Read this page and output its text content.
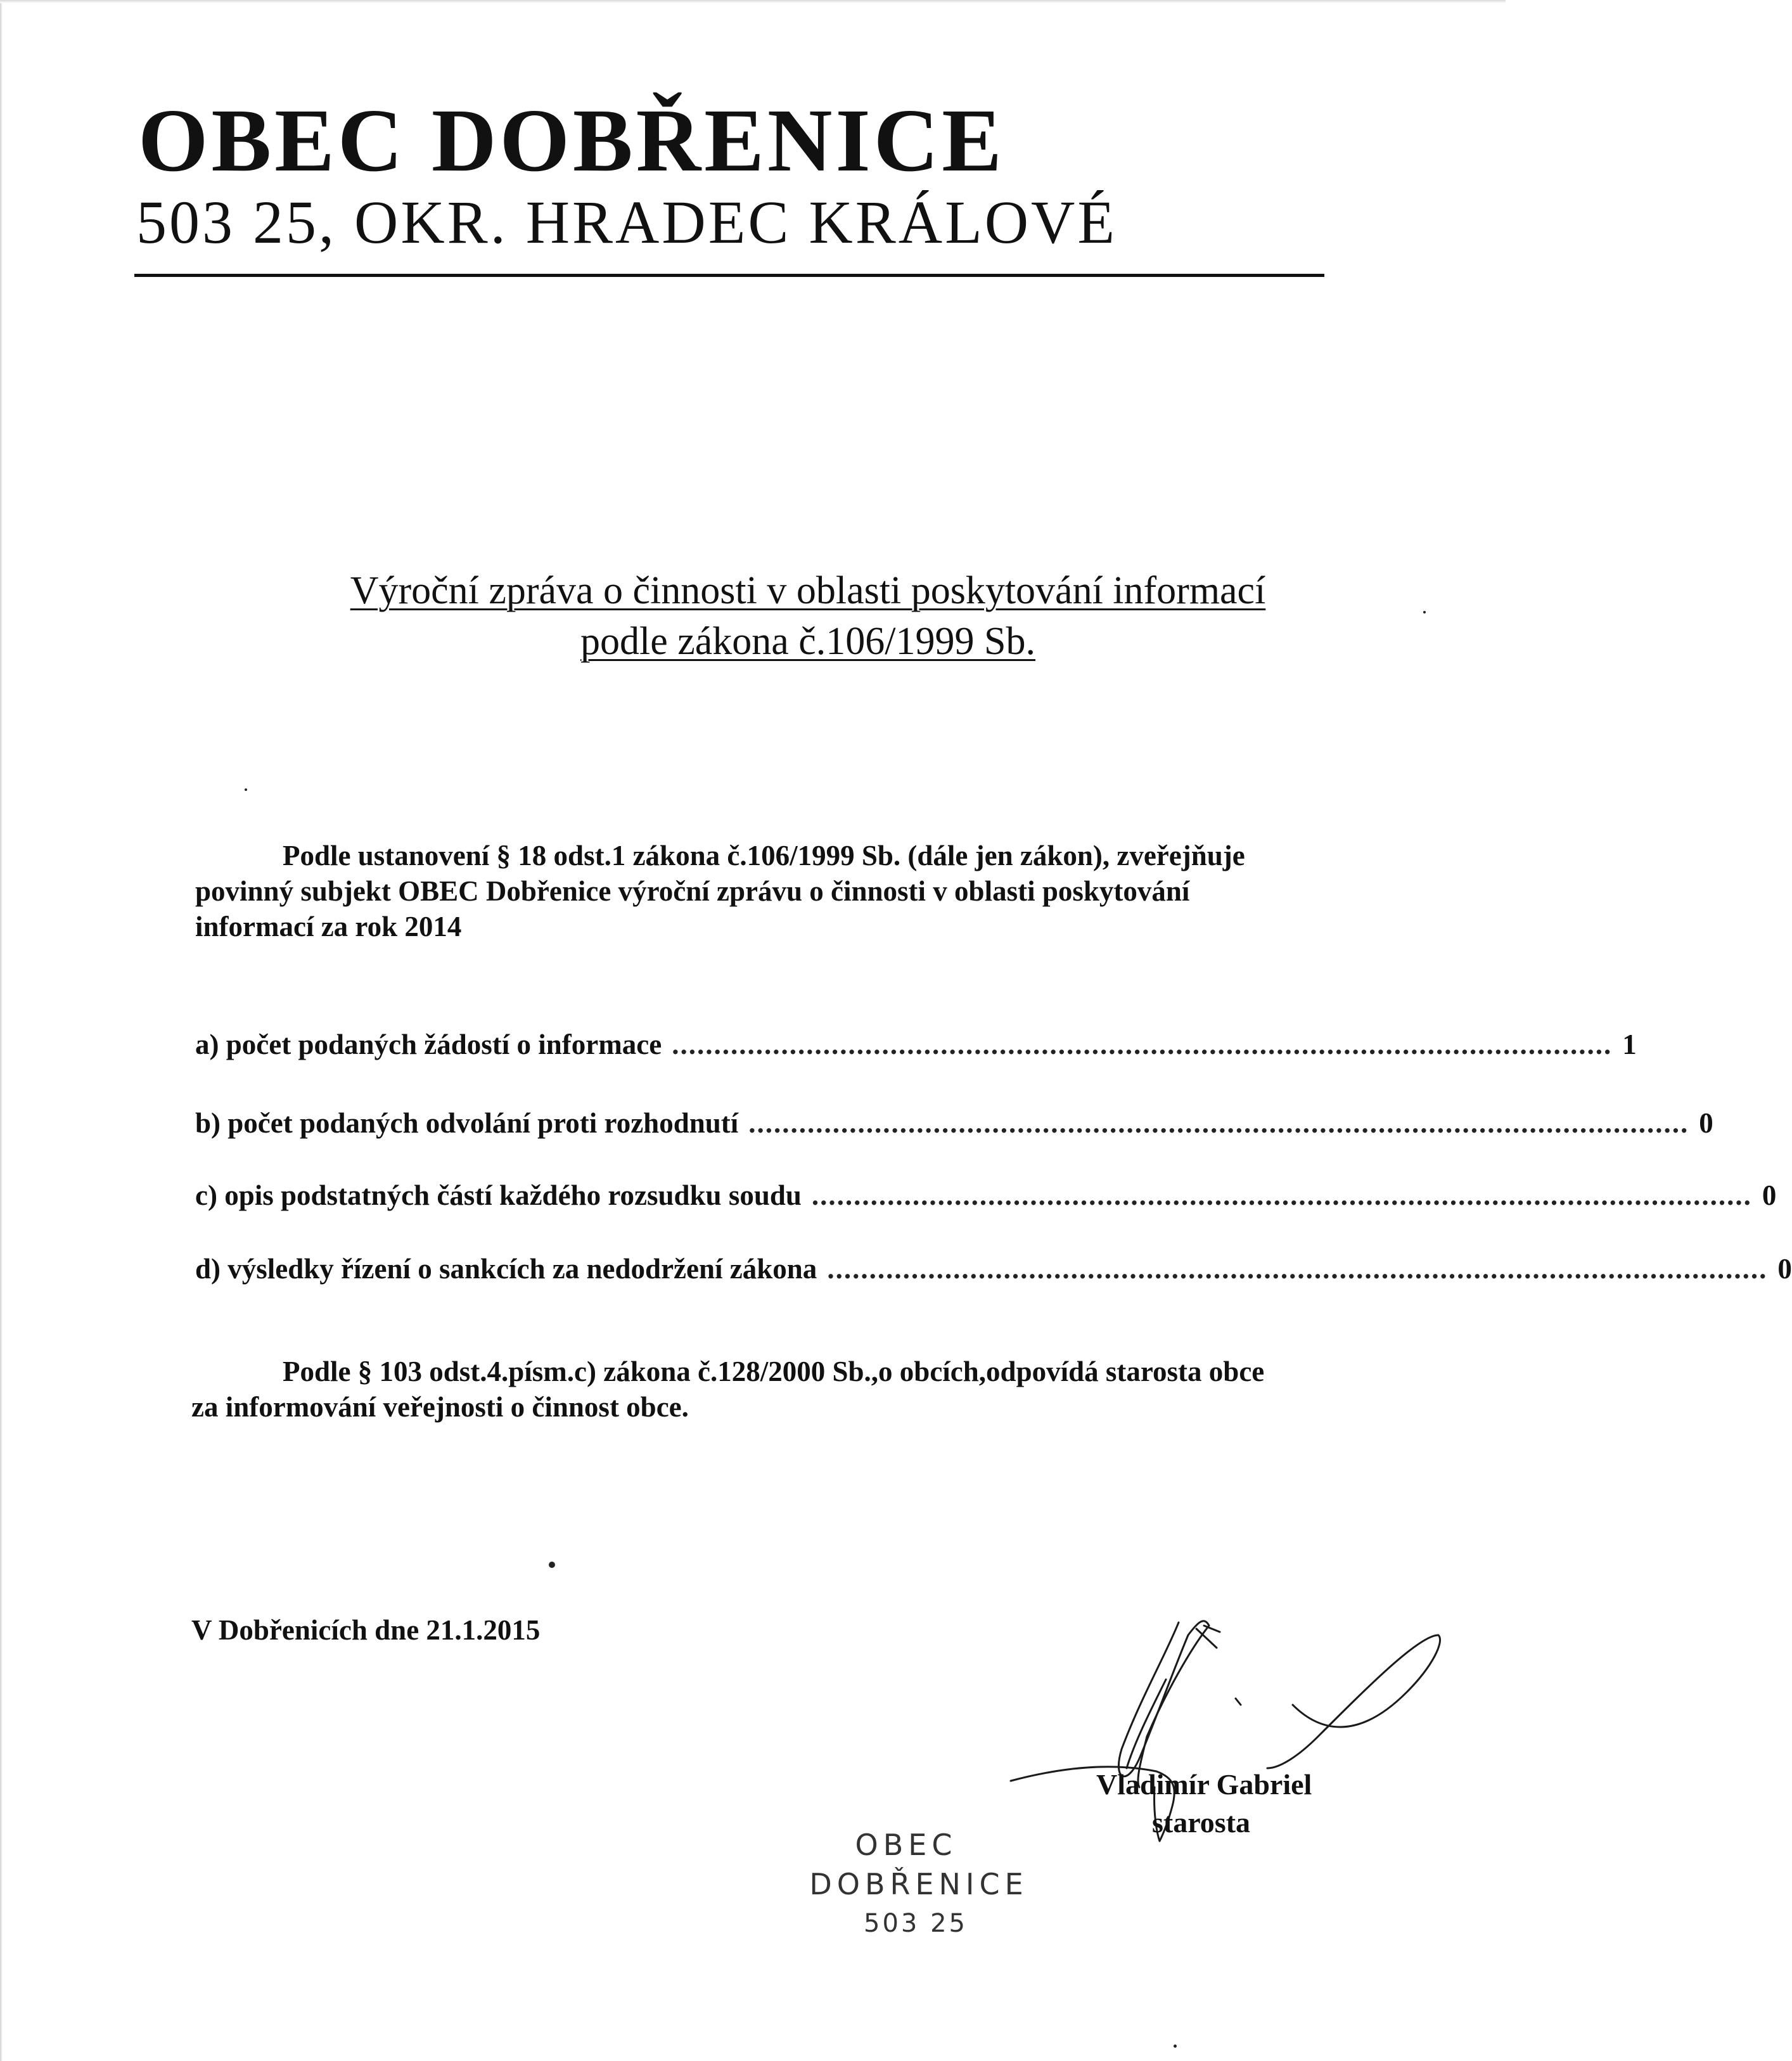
OBEC DOBŘENICE

503 25, OKR. HRADEC KRÁLOVÉ

Výroční zpráva o činnosti v oblasti poskytování informací
podle zákona č.106/1999 Sb.
Podle ustanovení § 18 odst.1 zákona č.106/1999 Sb. (dále jen zákon), zveřejňuje
povinný subjekt OBEC Dobřenice výroční zprávu o činnosti v oblasti poskytování
informací za rok 2014
a) počet podaných žádostí o informace ................................................................................................................ 1
b) počet podaných odvolání proti rozhodnutí ................................................................................................................ 0
c) opis podstatných částí každého rozsudku soudu ................................................................................................................ 0
d) výsledky řízení o sankcích za nedodržení zákona ................................................................................................................ 0
Podle § 103 odst.4.písm.c) zákona č.128/2000 Sb.,o obcích,odpovídá starosta obce
za informování veřejnosti o činnost obce.
V Dobřenicích dne 21.1.2015
Vladimír Gabriel
starosta
OBEC
DOBŘENICE
503 25
